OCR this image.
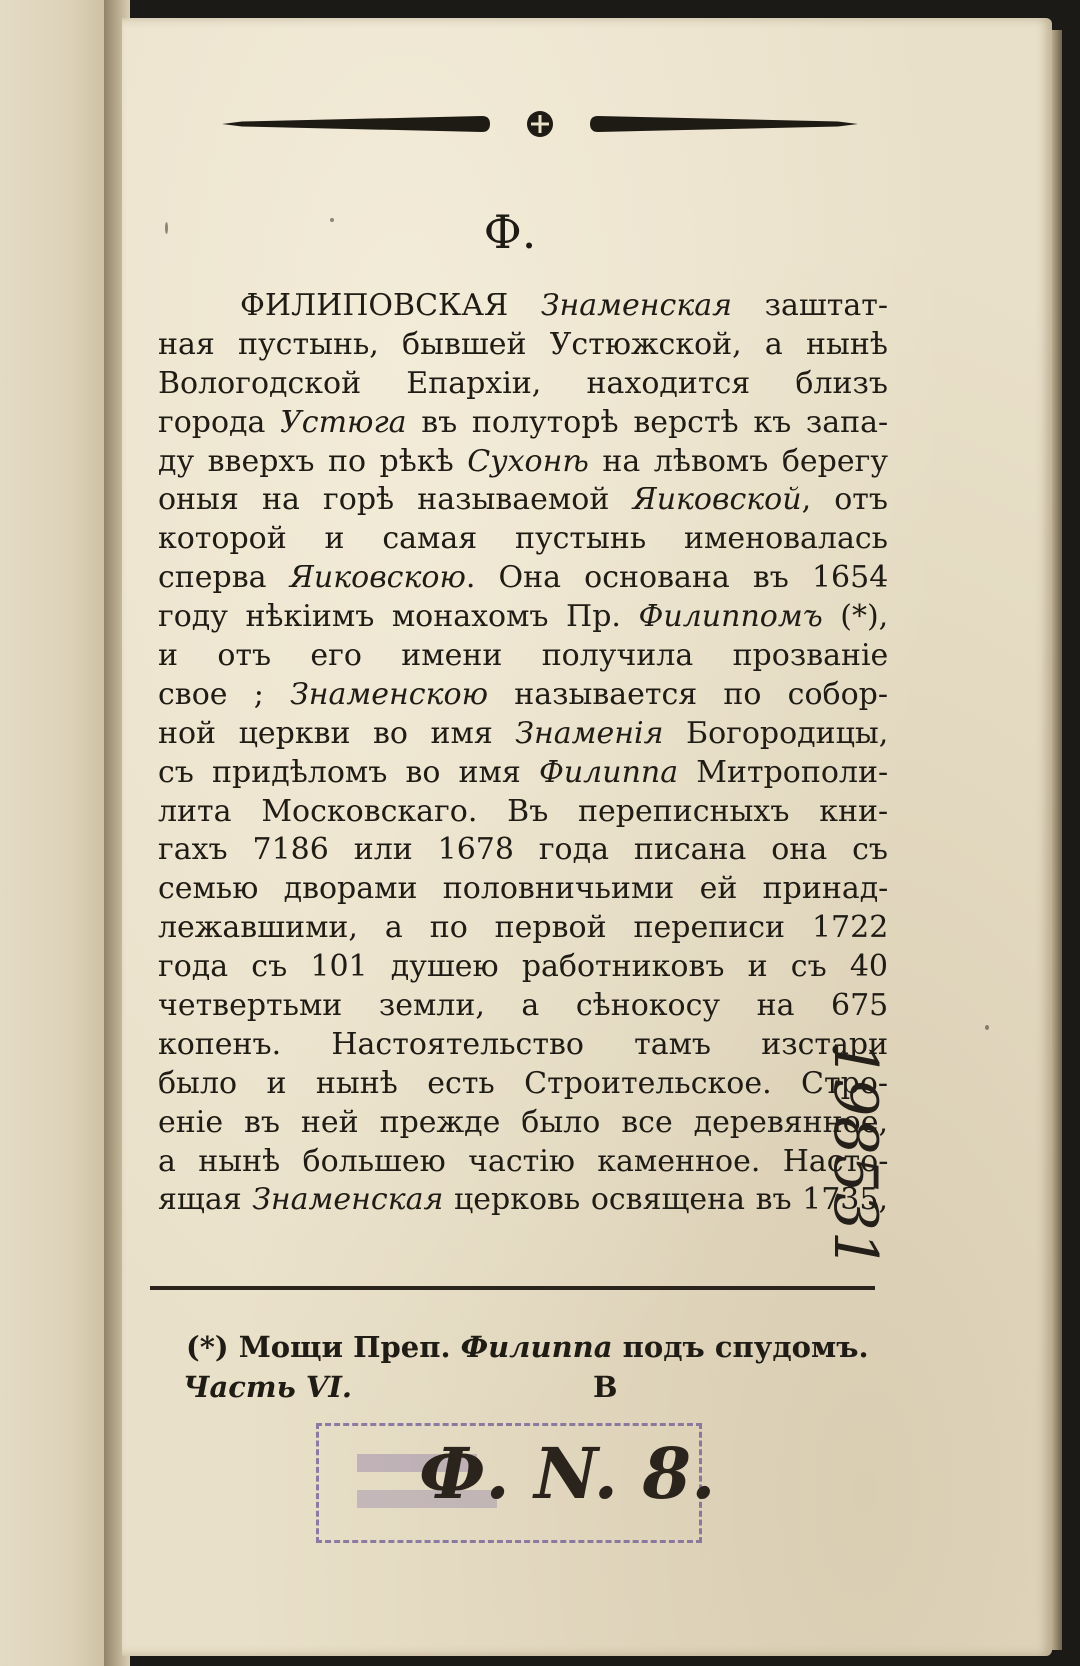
Ф.
ФИЛИПОВСКАЯ Знаменская заштат-
ная пустынь, бывшей Устюжской, а нынѣ
Вологодской Епархіи, находится близъ
города Устюга въ полуторѣ верстѣ къ запа-
ду вверхъ по рѣкѣ Сухонѣ на лѣвомъ берегу
оныя на горѣ называемой Яиковской, отъ
которой и самая пустынь именовалась
сперва Яиковскою. Она основана въ 1654
году нѣкіимъ монахомъ Пр. Филиппомъ (*),
и отъ его имени получила прозваніе
свое ; Знаменскою называется по собор-
ной церкви во имя Знаменія Богородицы,
съ придѣломъ во имя Филиппа Митрополи-
лита Московскаго. Въ переписныхъ кни-
гахъ 7186 или 1678 года писана она съ
семью дворами половничьими ей принад-
лежавшими, а по первой переписи 1722
года съ 101 душею работниковъ и съ 40
четвертьми земли, а сѣнокосу на 675
копенъ. Настоятельство тамъ изстари
было и нынѣ есть Строительское. Стро-
еніе въ ней прежде было все деревянное,
а нынѣ большею частію каменное. Насто-
ящая Знаменская церковь освящена въ 1735,
(*) Мощи Преп. Филиппа подъ спудомъ.
Часть VI.	В
Ф. N. 8.
198531
